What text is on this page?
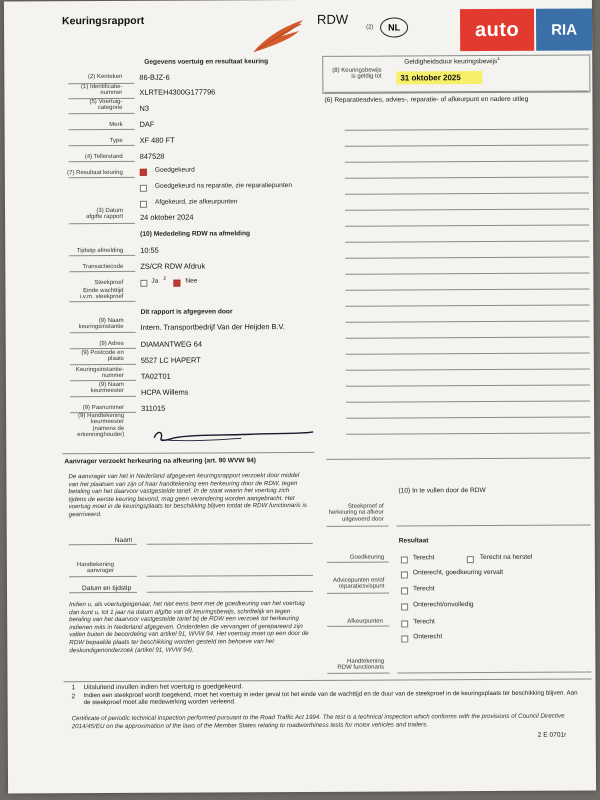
Keuringsrapport	RDW
(2)	NL
Gegevens voertuig en resultaat keuring
(2) Kenteken 86-BJZ-6
(1) Identificatie-
nummer XLRTEH4300G177796
(5) Voertuig-
categorie N3
Merk DAF
Type XF 480 FT
(4) Tellerstand 847528
(7) Resultaat keuring	Goedgekeurd
Goedgekeurd na reparatie, zie reparatiepunten
Afgekeurd, zie afkeurpunten
(3) Datum
afgifte rapport 24 oktober 2024
(10) Mededeling RDW na afmelding
Tijdstip afmelding 10:55
Transactiecode ZS/CR RDW Afdruk
Steekproef	Ja 2	Nee
Einde wachttijd
i.v.m. steekproef
Dit rapport is afgegeven door
(9) Naam
keuringsinstantie Intern. Transportbedrijf Van der Heijden B.V.
(9) Adres DIAMANTWEG 64
(9) Postcode en
plaats 5527 LC HAPERT
Keuringsinstantie-
nummer TA02T01
(9) Naam
keurmeester HCPA Willems
(9) Pasnummer 311015
(9) Handtekening
keurmeester
(namens de
erkenninghouder)
Geldigheidsduur keuringsbewijs$^1$
(8) Keuringsbewijs
is geldig tot	31 oktober 2025
(6) Reparatieadvies, advies-, reparatie- of afkeurpunt en nadere uitleg
Aanvrager verzoekt herkeuring na afkeuring (art. 90 WVW 94)
De aanvrager van het in Nederland afgegeven keuringsrapport verzoekt door middel van het plaatsen van zijn of haar handtekening een herkeuring door de RDW, tegen betaling van het daarvoor vastgestelde tarief. In de staat waarin het voertuig zich tijdens de eerste keuring bevond, mag geen verandering worden aangebracht. Het voertuig moet in de keuringsplaats ter beschikking blijven totdat de RDW functionaris is gearriveerd.
Naam
Handtekening
aanvrager
Datum en tijdstip
Indien u, als voertuigeigenaar, het niet eens bent met de goedkeuring van het voertuig dan kunt u, tot 1 jaar na datum afgifte van dit keuringsbewijs, schriftelijk en tegen betaling van het daarvoor vastgestelde tarief bij de RDW een verzoek tot herkeuring indienen mits in Nederland afgegeven. Onderdelen die vervangen of gerepareerd zijn vallen buiten de beoordeling van artikel 91, WVW 94. Het voertuig moet op een door de RDW bepaalde plaats ter beschikking worden gesteld ten behoeve van het deskundigenonderzoek (artikel 91, WVW 94).
(10) In te vullen door de RDW
Steekproef of
herkeuring na afkeur
uitgevoerd door
Resultaat
Goedkeuring	Terecht	Terecht na herstel
Onterecht, goedkeuring vervalt
Advicepunten en/of
reparatiesvispunt	Terecht
Onterecht/onvolledig
Afkeurpunten	Terecht
Onterecht
Handtekening
RDW functionaris
1 Uitsluitend invullen indien het voertuig is goedgekeurd.
2 Indien een steekproef wordt toegekend, moet het voertuig in ieder geval tot het einde van de wachttijd en de duur van de steekproef in de keuringsplaats ter beschikking blijven. Aan de steekproef moet alle medewerking worden verleend.
Certificate of periodic technical inspection performed pursuant to the Road Traffic Act 1994. The test is a technical inspection which conforms with the provisions of Council Directive 2014/45/EU on the approximation of the laws of the Member States relating to roadworthiness tests for motor vehicles and trailers.
2 E 0701r
auto	RIA
